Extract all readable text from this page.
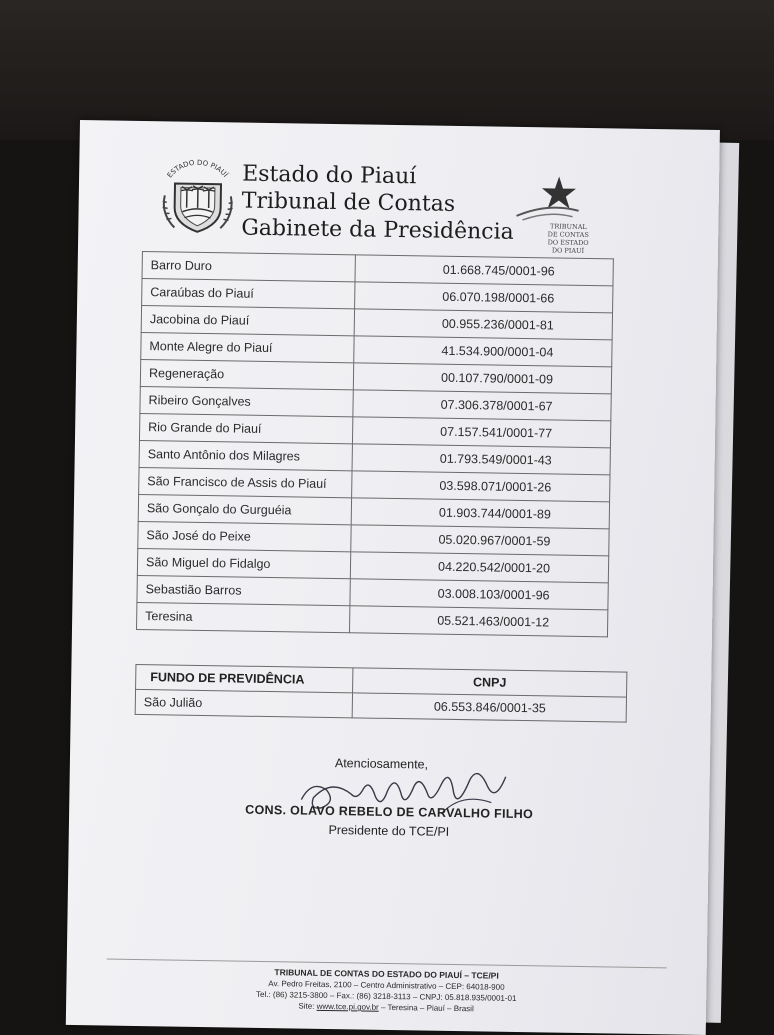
ESTADO DO PIAUÍ Estado do Piauí
Tribunal de Contas
Gabinete da Presidência	TRIBUNAL
DE CONTAS
DO ESTADO
DO PIAUÍ
Barro Duro	01.668.745/0001-96
Caraúbas do Piauí	06.070.198/0001-66
Jacobina do Piauí	00.955.236/0001-81
Monte Alegre do Piauí	41.534.900/0001-04
Regeneração	00.107.790/0001-09
Ribeiro Gonçalves	07.306.378/0001-67
Rio Grande do Piauí	07.157.541/0001-77
Santo Antônio dos Milagres	01.793.549/0001-43
São Francisco de Assis do Piauí	03.598.071/0001-26
São Gonçalo do Gurguéia	01.903.744/0001-89
São José do Peixe	05.020.967/0001-59
São Miguel do Fidalgo	04.220.542/0001-20
Sebastião Barros	03.008.103/0001-96
Teresina	05.521.463/0001-12
FUNDO DE PREVIDÊNCIA	CNPJ
São Julião	06.553.846/0001-35
Atenciosamente,
CONS. OLAVO REBELO DE CARVALHO FILHO
Presidente do TCE/PI
TRIBUNAL DE CONTAS DO ESTADO DO PIAUÍ – TCE/PI
Av. Pedro Freitas, 2100 – Centro Administrativo – CEP: 64018-900
Tel.: (86) 3215-3800 – Fax.: (86) 3218-3113 – CNPJ: 05.818.935/0001-01
Site: www.tce.pi.gov.br – Teresina – Piauí – Brasil
